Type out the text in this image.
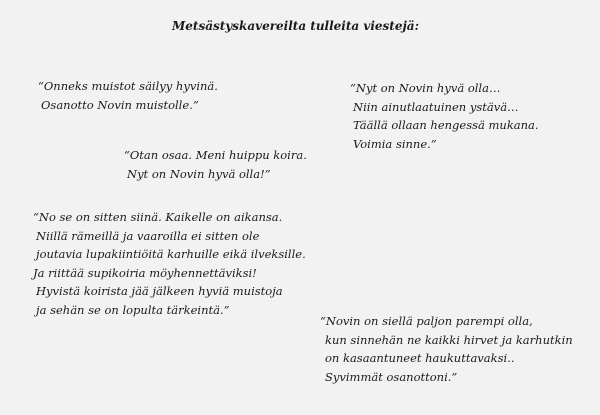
Metsästyskavereilta tulleita viestejä:
“Onneks muistot säilyy hyvinä.
Osanotto Novin muistolle.”
“Otan osaa. Meni huippu koira.
Nyt on Novin hyvä olla!”
“No se on sitten siinä. Kaikelle on aikansa.
Niillä rämeillä ja vaaroilla ei sitten ole
joutavia lupakiintiöitä karhuille eikä ilveksille.
Ja riittää supikoiria möyhennettäviksi!
Hyvistä koirista jää jälkeen hyviä muistoja
ja sehän se on lopulta tärkeintä.”
“Nyt on Novin hyvä olla…
Niin ainutlaatuinen ystävä…
Täällä ollaan hengessä mukana.
Voimia sinne.”
“Novin on siellä paljon parempi olla,
kun sinnehän ne kaikki hirvet ja karhutkin
on kasaantuneet haukuttavaksi..
Syvimmät osanottoni.”
